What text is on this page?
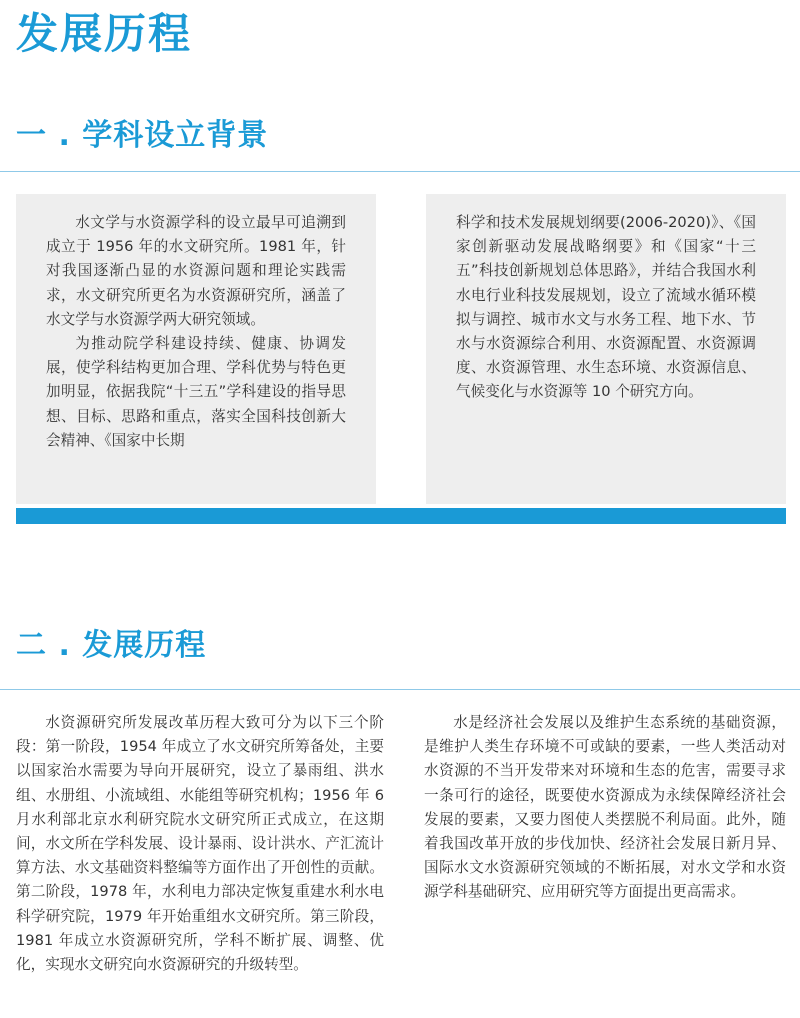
发展历程
一 . 学科设立背景

水文学与水资源学科的设立最早可追溯到成立于 1956 年的水文研究所。1981 年，针对我国逐渐凸显的水资源问题和理论实践需求，水文研究所更名为水资源研究所，涵盖了水文学与水资源学两大研究领域。

为推动院学科建设持续、健康、协调发展，使学科结构更加合理、学科优势与特色更加明显，依据我院“十三五”学科建设的指导思想、目标、思路和重点，落实全国科技创新大会精神、《国家中长期

科学和技术发展规划纲要(2006-2020)》、《国家创新驱动发展战略纲要》和《国家“十三五”科技创新规划总体思路》，并结合我国水利水电行业科技发展规划，设立了流域水循环模拟与调控、城市水文与水务工程、地下水、节水与水资源综合利用、水资源配置、水资源调度、水资源管理、水生态环境、水资源信息、气候变化与水资源等 10 个研究方向。

二 . 发展历程

水资源研究所发展改革历程大致可分为以下三个阶段：第一阶段，1954 年成立了水文研究所筹备处，主要以国家治水需要为导向开展研究，设立了暴雨组、洪水组、水册组、小流域组、水能组等研究机构；1956 年 6 月水利部北京水利研究院水文研究所正式成立，在这期间，水文所在学科发展、设计暴雨、设计洪水、产汇流计算方法、水文基础资料整编等方面作出了开创性的贡献。第二阶段，1978 年，水利电力部决定恢复重建水利水电科学研究院，1979 年开始重组水文研究所。第三阶段，1981 年成立水资源研究所，学科不断扩展、调整、优化，实现水文研究向水资源研究的升级转型。

水是经济社会发展以及维护生态系统的基础资源，是维护人类生存环境不可或缺的要素，一些人类活动对水资源的不当开发带来对环境和生态的危害，需要寻求一条可行的途径，既要使水资源成为永续保障经济社会发展的要素，又要力图使人类摆脱不利局面。此外，随着我国改革开放的步伐加快、经济社会发展日新月异、国际水文水资源研究领域的不断拓展，对水文学和水资源学科基础研究、应用研究等方面提出更高需求。
